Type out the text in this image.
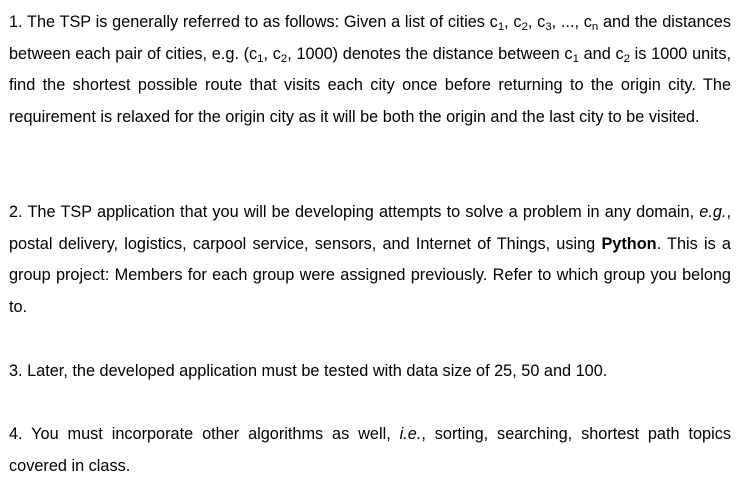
1. The TSP is generally referred to as follows: Given a list of cities $c_1$, $c_2$, $c_3$, ..., $c_n$ and the distances between each pair of cities, e.g. ($c_1$, $c_2$, 1000) denotes the distance between $c_1$ and $c_2$ is 1000 units, find the shortest possible route that visits each city once before returning to the origin city. The requirement is relaxed for the origin city as it will be both the origin and the last city to be visited.

2. The TSP application that you will be developing attempts to solve a problem in any domain, e.g., postal delivery, logistics, carpool service, sensors, and Internet of Things, using Python. This is a group project: Members for each group were assigned previously. Refer to which group you belong to.

3. Later, the developed application must be tested with data size of 25, 50 and 100.

4. You must incorporate other algorithms as well, i.e., sorting, searching, shortest path topics covered in class.
